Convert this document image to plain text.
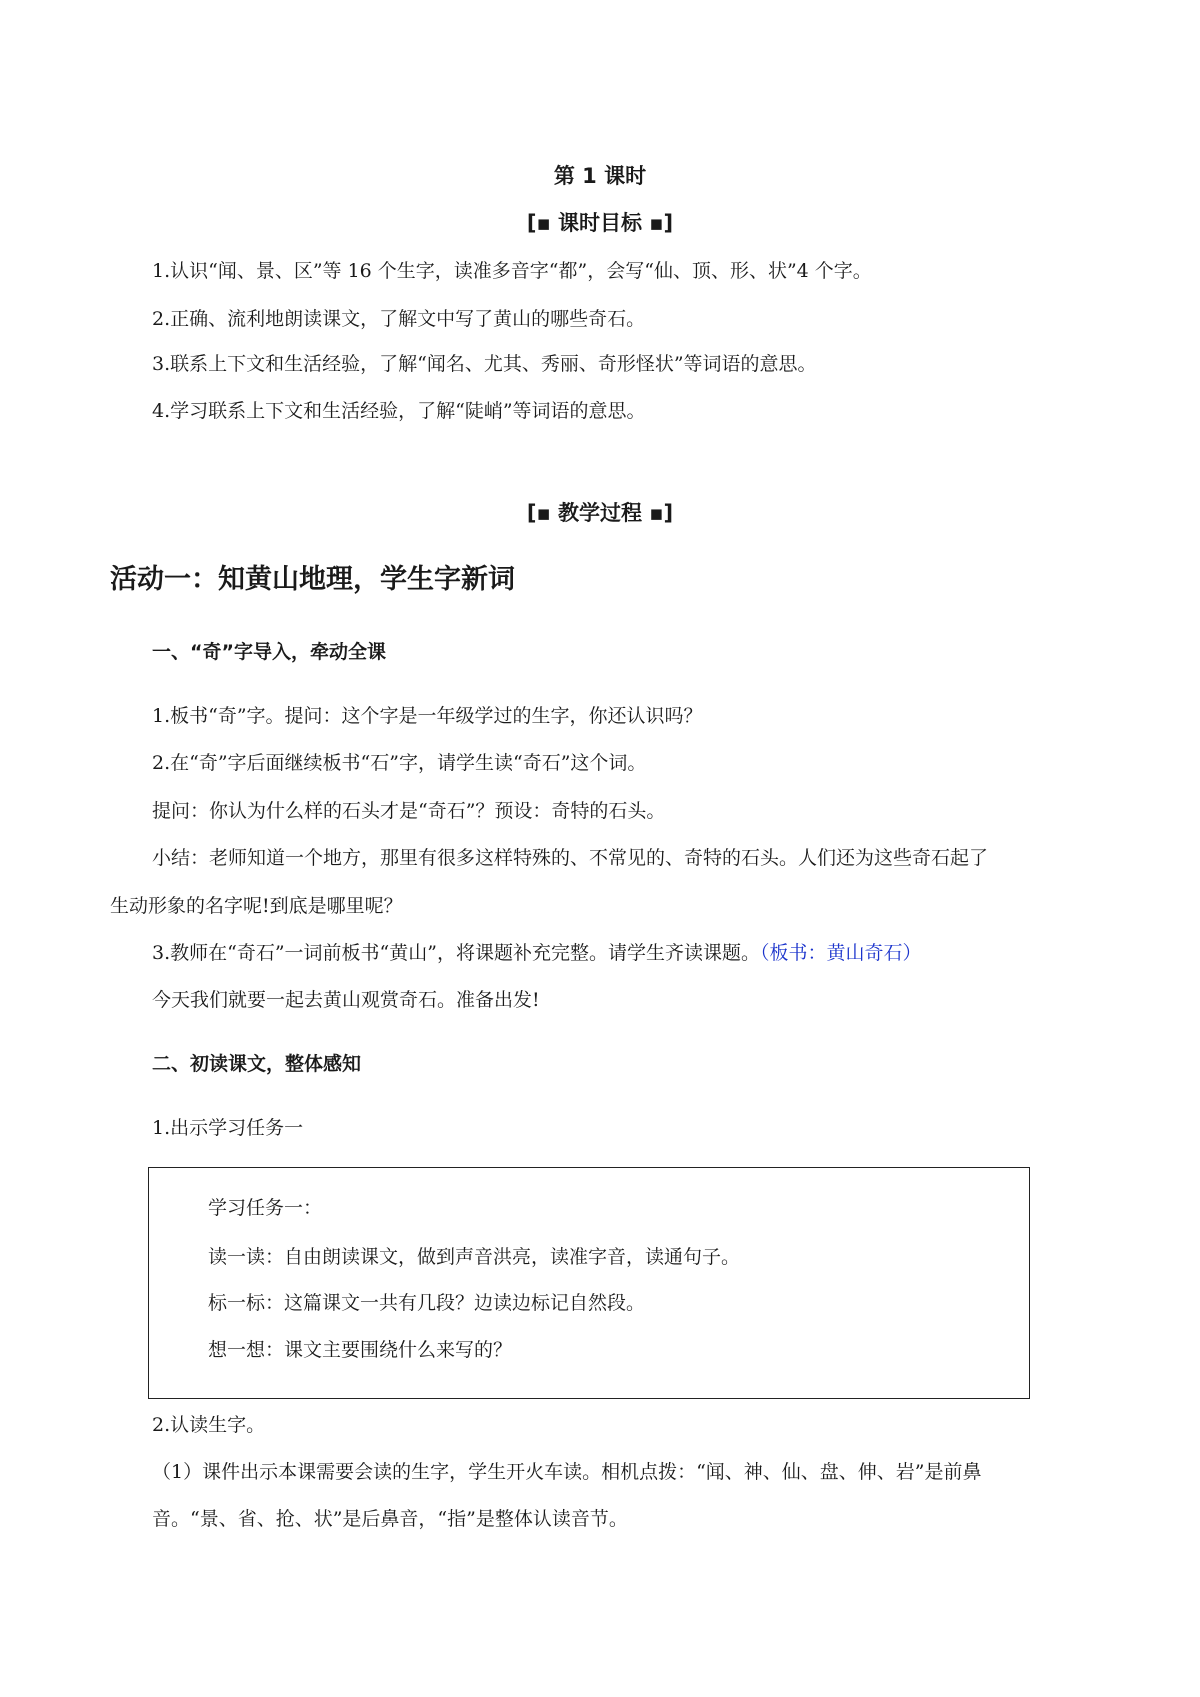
第 1 课时
[▪ 课时目标 ▪]
1.认识“闻、景、区”等 16 个生字，读准多音字“都”，会写“仙、顶、形、状”4 个字。
2.正确、流利地朗读课文，了解文中写了黄山的哪些奇石。
3.联系上下文和生活经验，了解“闻名、尤其、秀丽、奇形怪状”等词语的意思。
4.学习联系上下文和生活经验，了解“陡峭”等词语的意思。
[▪ 教学过程 ▪]
活动一：知黄山地理，学生字新词
一、“奇”字导入，牵动全课
1.板书“奇”字。提问：这个字是一年级学过的生字，你还认识吗？
2.在“奇”字后面继续板书“石”字，请学生读“奇石”这个词。
提问：你认为什么样的石头才是“奇石”？预设：奇特的石头。
小结：老师知道一个地方，那里有很多这样特殊的、不常见的、奇特的石头。人们还为这些奇石起了
生动形象的名字呢!到底是哪里呢？
3.教师在“奇石”一词前板书“黄山”，将课题补充完整。请学生齐读课题。（板书：黄山奇石）
今天我们就要一起去黄山观赏奇石。准备出发!
二、初读课文，整体感知
1.出示学习任务一
学习任务一：
读一读：自由朗读课文，做到声音洪亮，读准字音，读通句子。
标一标：这篇课文一共有几段？边读边标记自然段。
想一想：课文主要围绕什么来写的？
2.认读生字。
（1）课件出示本课需要会读的生字，学生开火车读。相机点拨：“闻、神、仙、盘、伸、岩”是前鼻
音。“景、省、抢、状”是后鼻音，“指”是整体认读音节。
